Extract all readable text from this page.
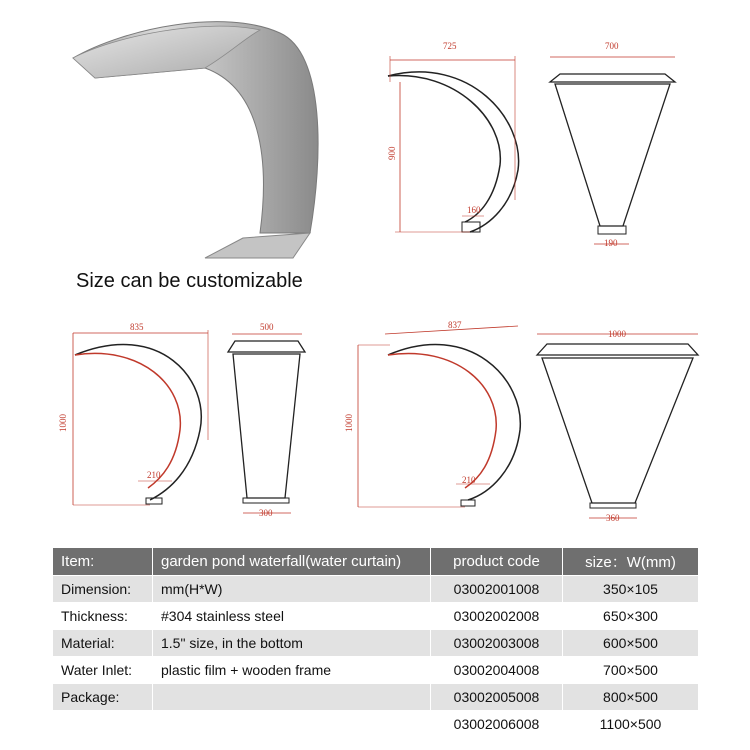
Size can be customizable
725
900
160
700
190
835
1000
210
500
300
837
1000
210
1000
360
Item:	garden pond waterfall(water curtain)	product code	size：W(mm)
Dimension:	mm(H*W)	03002001008	350×105
Thickness:	#304 stainless steel	03002002008	650×300
Material:	1.5" size, in the bottom	03002003008	600×500
Water Inlet:	plastic film + wooden frame	03002004008	700×500
Package:		03002005008	800×500
		03002006008	1100×500
